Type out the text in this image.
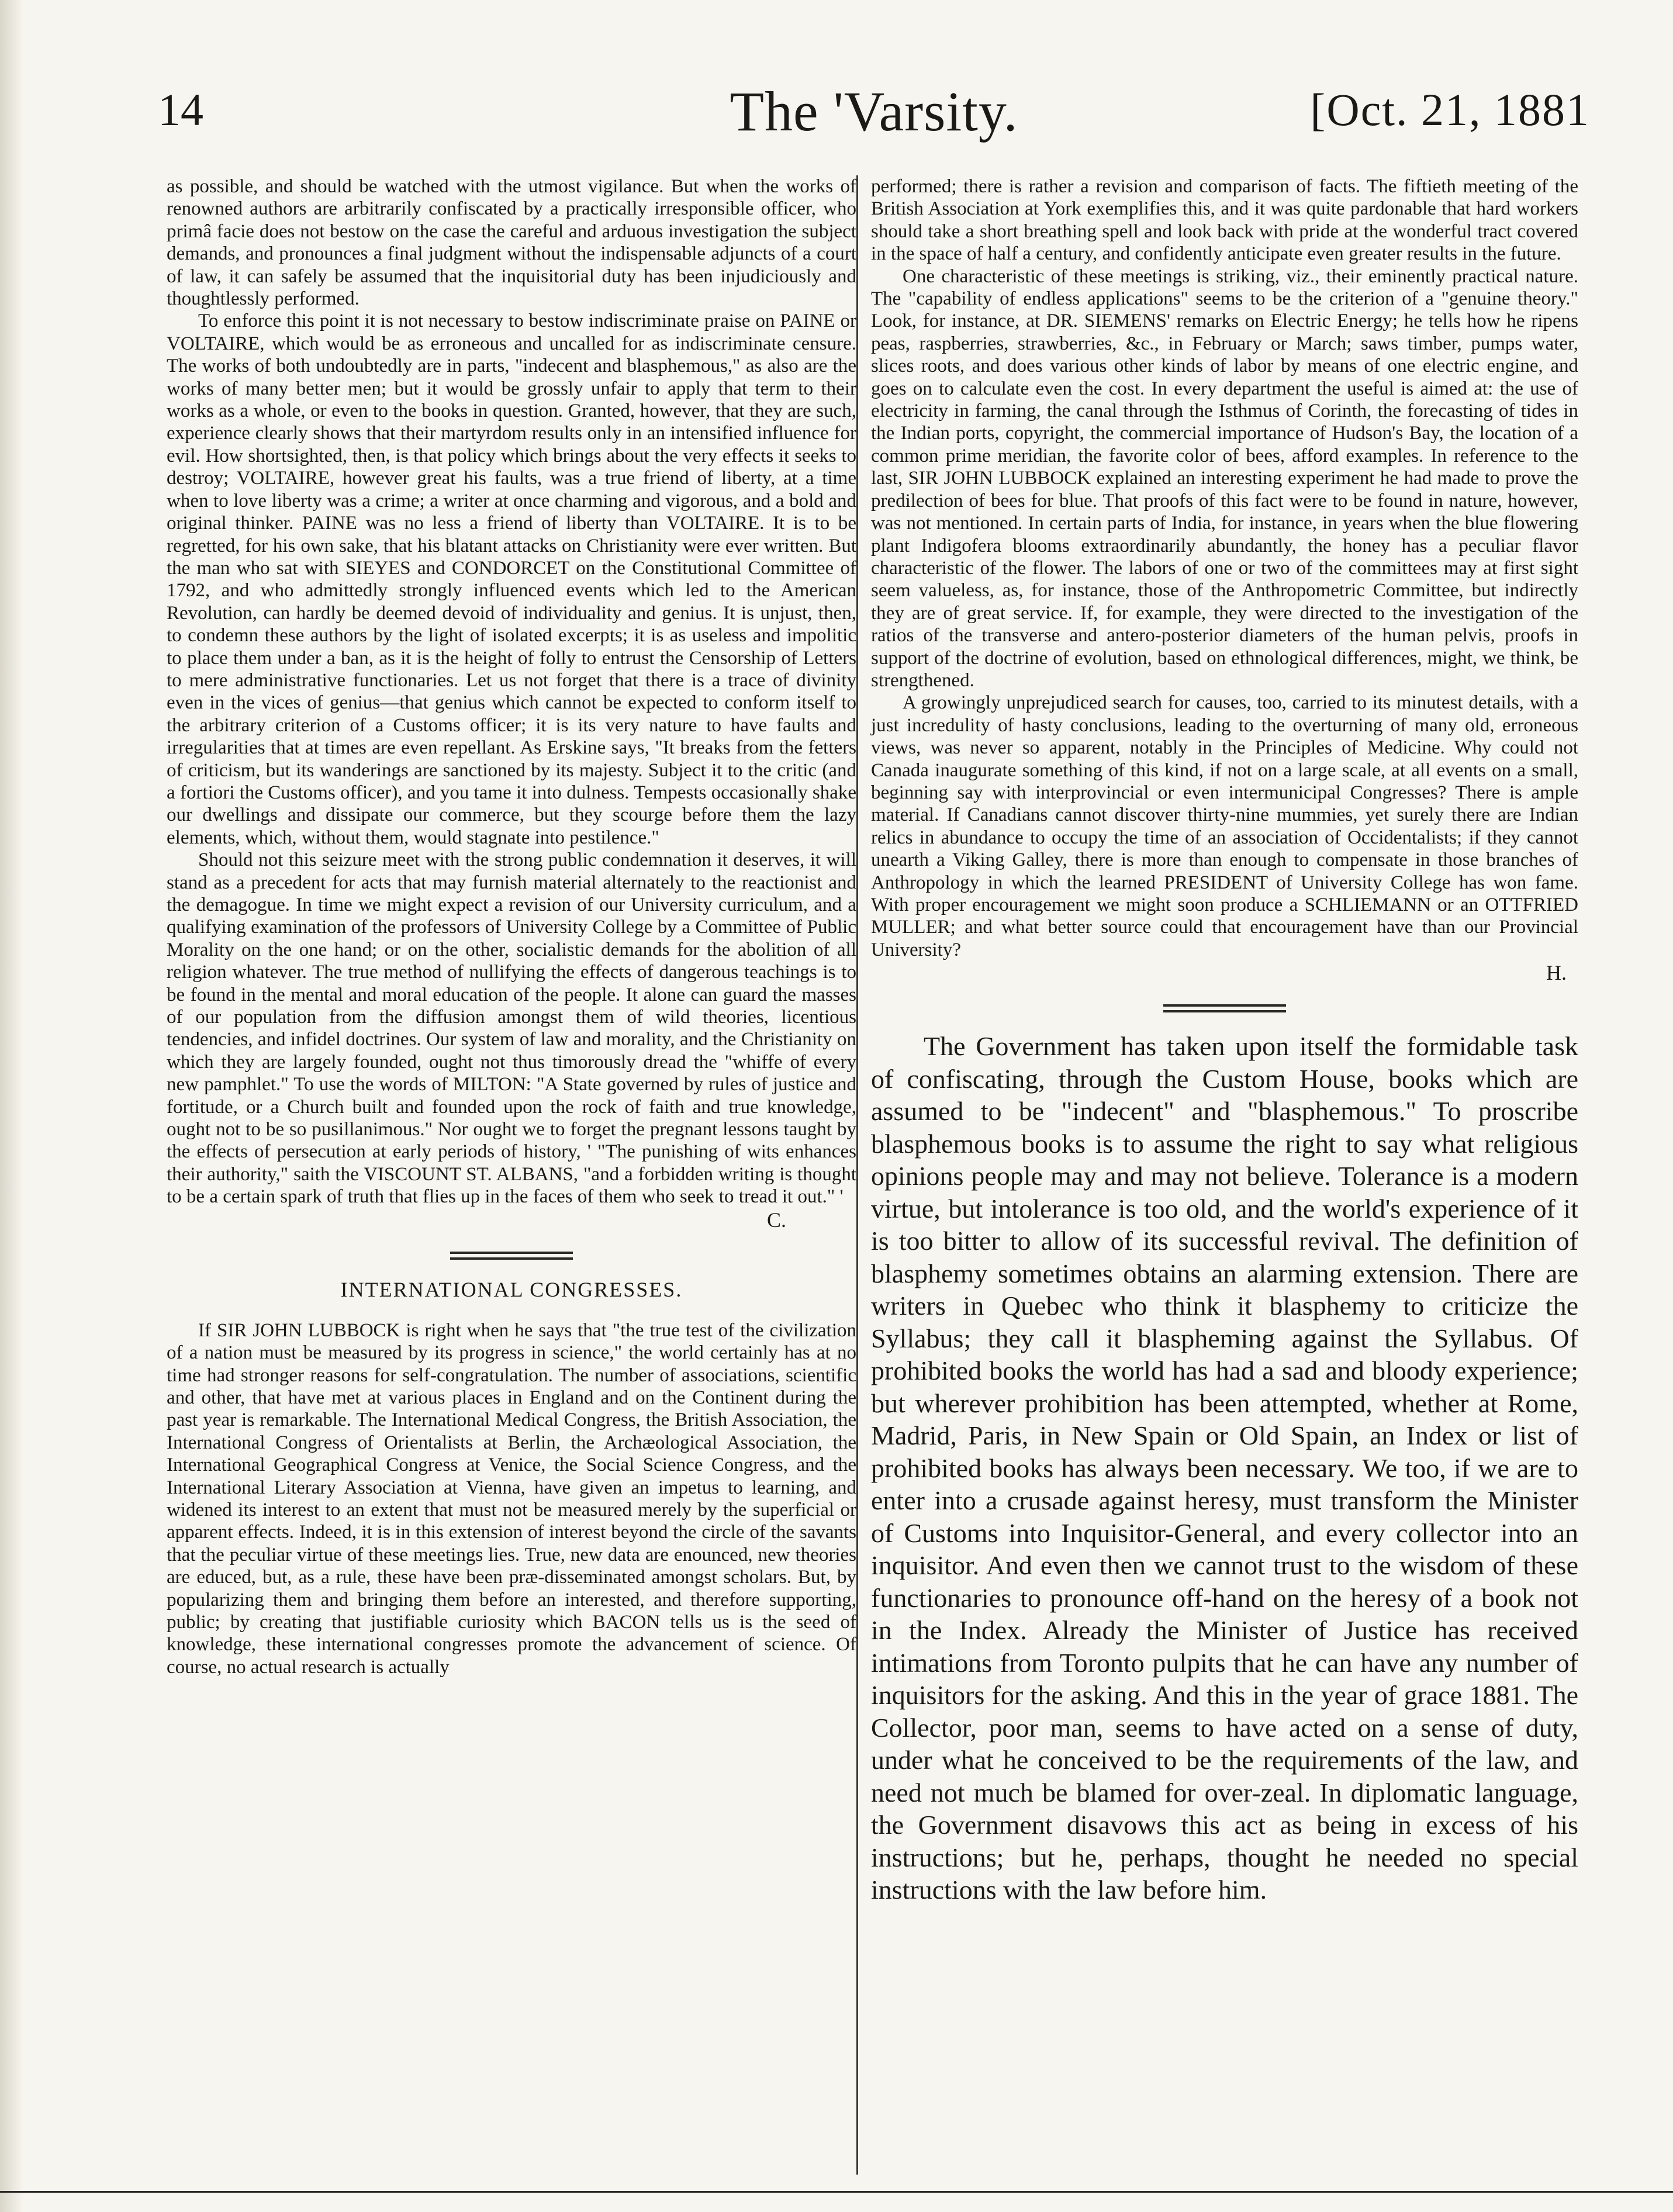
14	The 'Varsity.	[Oct. 21, 1881

as possible, and should be watched with the utmost vigilance. But when the works of renowned authors are arbitrarily confiscated by a practically irresponsible officer, who primâ facie does not bestow on the case the careful and arduous investigation the subject demands, and pronounces a final judgment without the indispensable adjuncts of a court of law, it can safely be assumed that the inquisitorial duty has been injudiciously and thoughtlessly performed.

To enforce this point it is not necessary to bestow indiscriminate praise on PAINE or VOLTAIRE, which would be as erroneous and uncalled for as indiscriminate censure. The works of both undoubtedly are in parts, "indecent and blasphemous," as also are the works of many better men; but it would be grossly unfair to apply that term to their works as a whole, or even to the books in question. Granted, however, that they are such, experience clearly shows that their martyrdom results only in an intensified influence for evil. How shortsighted, then, is that policy which brings about the very effects it seeks to destroy; VOLTAIRE, however great his faults, was a true friend of liberty, at a time when to love liberty was a crime; a writer at once charming and vigorous, and a bold and original thinker. PAINE was no less a friend of liberty than VOLTAIRE. It is to be regretted, for his own sake, that his blatant attacks on Christianity were ever written. But the man who sat with SIEYES and CONDORCET on the Constitutional Committee of 1792, and who admittedly strongly influenced events which led to the American Revolution, can hardly be deemed devoid of individuality and genius. It is unjust, then, to condemn these authors by the light of isolated excerpts; it is as useless and impolitic to place them under a ban, as it is the height of folly to entrust the Censorship of Letters to mere administrative functionaries. Let us not forget that there is a trace of divinity even in the vices of genius—that genius which cannot be expected to conform itself to the arbitrary criterion of a Customs officer; it is its very nature to have faults and irregularities that at times are even repellant. As Erskine says, "It breaks from the fetters of criticism, but its wanderings are sanctioned by its majesty. Subject it to the critic (and a fortiori the Customs officer), and you tame it into dulness. Tempests occasionally shake our dwellings and dissipate our commerce, but they scourge before them the lazy elements, which, without them, would stagnate into pestilence."

Should not this seizure meet with the strong public condemnation it deserves, it will stand as a precedent for acts that may furnish material alternately to the reactionist and the demagogue. In time we might expect a revision of our University curriculum, and a qualifying examination of the professors of University College by a Committee of Public Morality on the one hand; or on the other, socialistic demands for the abolition of all religion whatever. The true method of nullifying the effects of dangerous teachings is to be found in the mental and moral education of the people. It alone can guard the masses of our population from the diffusion amongst them of wild theories, licentious tendencies, and infidel doctrines. Our system of law and morality, and the Christianity on which they are largely founded, ought not thus timorously dread the "whiffe of every new pamphlet." To use the words of MILTON: "A State governed by rules of justice and fortitude, or a Church built and founded upon the rock of faith and true knowledge, ought not to be so pusillanimous." Nor ought we to forget the pregnant lessons taught by the effects of persecution at early periods of history, ' "The punishing of wits enhances their authority," saith the VISCOUNT ST. ALBANS, "and a forbidden writing is thought to be a certain spark of truth that flies up in the faces of them who seek to tread it out." '

C.
INTERNATIONAL CONGRESSES.

If SIR JOHN LUBBOCK is right when he says that "the true test of the civilization of a nation must be measured by its progress in science," the world certainly has at no time had stronger reasons for self-congratulation. The number of associations, scientific and other, that have met at various places in England and on the Continent during the past year is remarkable. The International Medical Congress, the British Association, the International Congress of Orientalists at Berlin, the Archæological Association, the International Geographical Congress at Venice, the Social Science Congress, and the International Literary Association at Vienna, have given an impetus to learning, and widened its interest to an extent that must not be measured merely by the superficial or apparent effects. Indeed, it is in this extension of interest beyond the circle of the savants that the peculiar virtue of these meetings lies. True, new data are enounced, new theories are educed, but, as a rule, these have been præ-disseminated amongst scholars. But, by popularizing them and bringing them before an interested, and therefore supporting, public; by creating that justifiable curiosity which BACON tells us is the seed of knowledge, these international congresses promote the advancement of science. Of course, no actual research is actually

performed; there is rather a revision and comparison of facts. The fiftieth meeting of the British Association at York exemplifies this, and it was quite pardonable that hard workers should take a short breathing spell and look back with pride at the wonderful tract covered in the space of half a century, and confidently anticipate even greater results in the future.

One characteristic of these meetings is striking, viz., their eminently practical nature. The "capability of endless applications" seems to be the criterion of a "genuine theory." Look, for instance, at DR. SIEMENS' remarks on Electric Energy; he tells how he ripens peas, raspberries, strawberries, &c., in February or March; saws timber, pumps water, slices roots, and does various other kinds of labor by means of one electric engine, and goes on to calculate even the cost. In every department the useful is aimed at: the use of electricity in farming, the canal through the Isthmus of Corinth, the forecasting of tides in the Indian ports, copyright, the commercial importance of Hudson's Bay, the location of a common prime meridian, the favorite color of bees, afford examples. In reference to the last, SIR JOHN LUBBOCK explained an interesting experiment he had made to prove the predilection of bees for blue. That proofs of this fact were to be found in nature, however, was not mentioned. In certain parts of India, for instance, in years when the blue flowering plant Indigofera blooms extraordinarily abundantly, the honey has a peculiar flavor characteristic of the flower. The labors of one or two of the committees may at first sight seem valueless, as, for instance, those of the Anthropometric Committee, but indirectly they are of great service. If, for example, they were directed to the investigation of the ratios of the transverse and antero-posterior diameters of the human pelvis, proofs in support of the doctrine of evolution, based on ethnological differences, might, we think, be strengthened.

A growingly unprejudiced search for causes, too, carried to its minutest details, with a just incredulity of hasty conclusions, leading to the overturning of many old, erroneous views, was never so apparent, notably in the Principles of Medicine. Why could not Canada inaugurate something of this kind, if not on a large scale, at all events on a small, beginning say with interprovincial or even intermunicipal Congresses? There is ample material. If Canadians cannot discover thirty-nine mummies, yet surely there are Indian relics in abundance to occupy the time of an association of Occidentalists; if they cannot unearth a Viking Galley, there is more than enough to compensate in those branches of Anthropology in which the learned PRESIDENT of University College has won fame. With proper encouragement we might soon produce a SCHLIEMANN or an OTTFRIED MULLER; and what better source could that encouragement have than our Provincial University?

H.

The Government has taken upon itself the formidable task of confiscating, through the Custom House, books which are assumed to be "indecent" and "blasphemous." To proscribe blasphemous books is to assume the right to say what religious opinions people may and may not believe. Tolerance is a modern virtue, but intolerance is too old, and the world's experience of it is too bitter to allow of its successful revival. The definition of blasphemy sometimes obtains an alarming extension. There are writers in Quebec who think it blasphemy to criticize the Syllabus; they call it blaspheming against the Syllabus. Of prohibited books the world has had a sad and bloody experience; but wherever prohibition has been attempted, whether at Rome, Madrid, Paris, in New Spain or Old Spain, an Index or list of prohibited books has always been necessary. We too, if we are to enter into a crusade against heresy, must transform the Minister of Customs into Inquisitor-General, and every collector into an inquisitor. And even then we cannot trust to the wisdom of these functionaries to pronounce off-hand on the heresy of a book not in the Index. Already the Minister of Justice has received intimations from Toronto pulpits that he can have any number of inquisitors for the asking. And this in the year of grace 1881. The Collector, poor man, seems to have acted on a sense of duty, under what he conceived to be the requirements of the law, and need not much be blamed for over-zeal. In diplomatic language, the Government disavows this act as being in excess of his instructions; but he, perhaps, thought he needed no special instructions with the law before him.
